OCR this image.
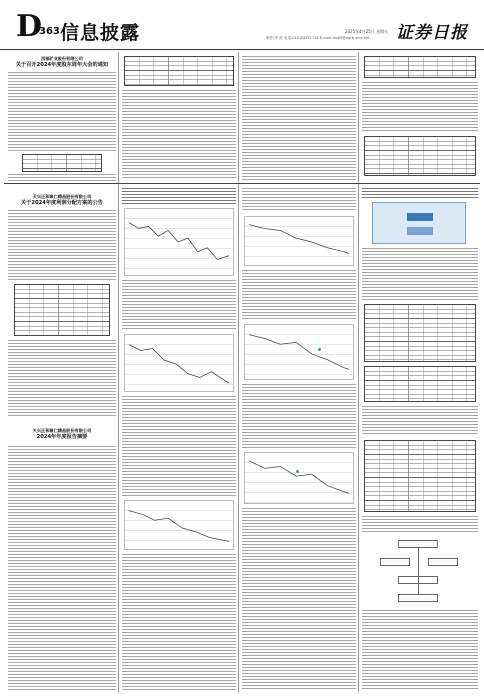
D
363 信息披露	2025年4月25日 星期五
制作/李 波 电话:010-83251716 E-mail:zqrb9@zqrb.sina.net 证券日报
西部矿业股份有限公司
关于召开2024年度股东周年大会的通知
天兴正和聚仁精品股份有限公司
关于2024年度利润分配方案的公告
天兴正和聚仁精品股份有限公司
2024年年度报告摘要
